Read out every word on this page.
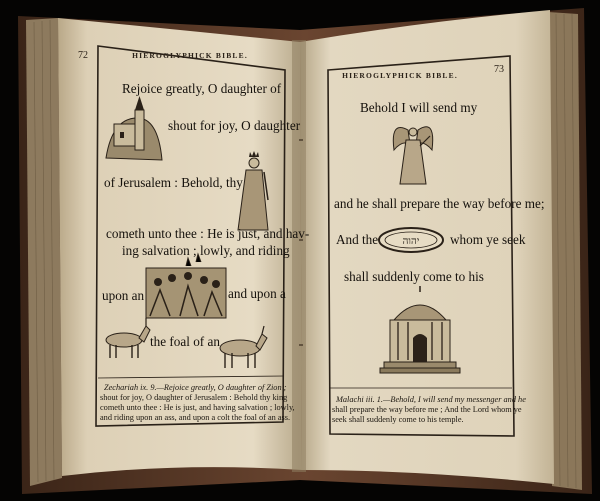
72	HIEROGLYPHICK BIBLE.
Rejoice greatly, O daughter of
shout for joy, O daughter
of Jerusalem : Behold, thy
cometh unto thee : He is just, and hav-
ing salvation ; lowly, and riding
upon an	and upon a
the foal of an
Zechariah ix. 9.—Rejoice greatly, O daughter of Zion ;
shout for joy, O daughter of Jerusalem : Behold thy king
cometh unto thee : He is just, and having salvation ; lowly,
and riding upon an ass, and upon a colt the foal of an ass.
HIEROGLYPHICK BIBLE.
73
Behold I will send my
and he shall prepare the way before me;
And the יהוה whom ye seek
shall suddenly come to his
Malachi iii. 1.—Behold, I will send my messenger and he
shall prepare the way before me ; And the Lord whom ye
seek shall suddenly come to his temple.
